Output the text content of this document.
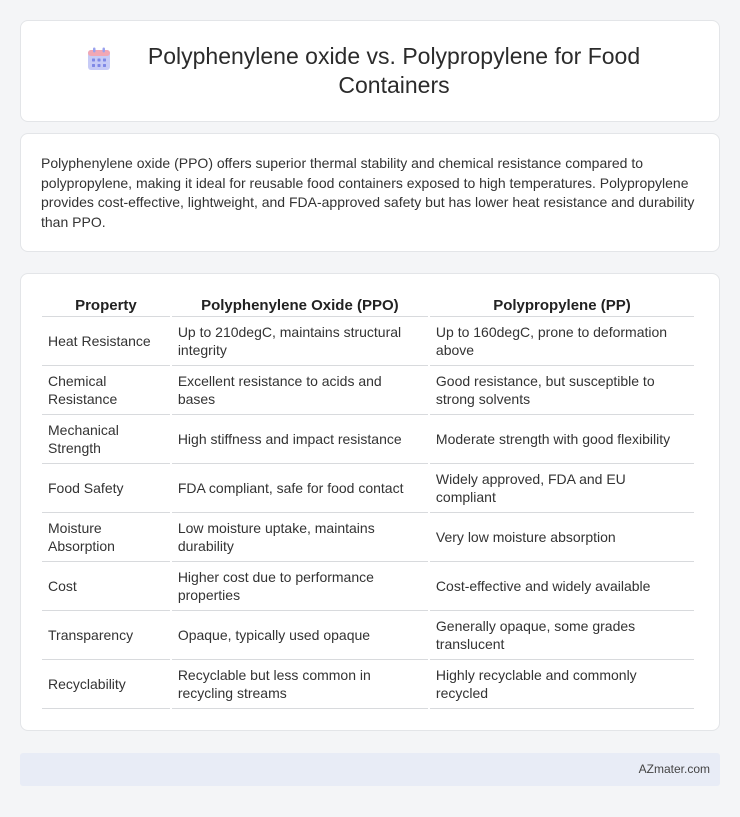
Polyphenylene oxide vs. Polypropylene for Food Containers

Polyphenylene oxide (PPO) offers superior thermal stability and chemical resistance compared to polypropylene, making it ideal for reusable food containers exposed to high temperatures. Polypropylene provides cost-effective, lightweight, and FDA-approved safety but has lower heat resistance and durability than PPO.

Property	Polyphenylene Oxide (PPO)	Polypropylene (PP)
Heat Resistance	Up to 210degC, maintains structural integrity	Up to 160degC, prone to deformation above
Chemical Resistance	Excellent resistance to acids and bases	Good resistance, but susceptible to strong solvents
Mechanical Strength	High stiffness and impact resistance	Moderate strength with good flexibility
Food Safety	FDA compliant, safe for food contact	Widely approved, FDA and EU compliant
Moisture Absorption	Low moisture uptake, maintains durability	Very low moisture absorption
Cost	Higher cost due to performance properties	Cost-effective and widely available
Transparency	Opaque, typically used opaque	Generally opaque, some grades translucent
Recyclability	Recyclable but less common in recycling streams	Highly recyclable and commonly recycled
AZmater.com
